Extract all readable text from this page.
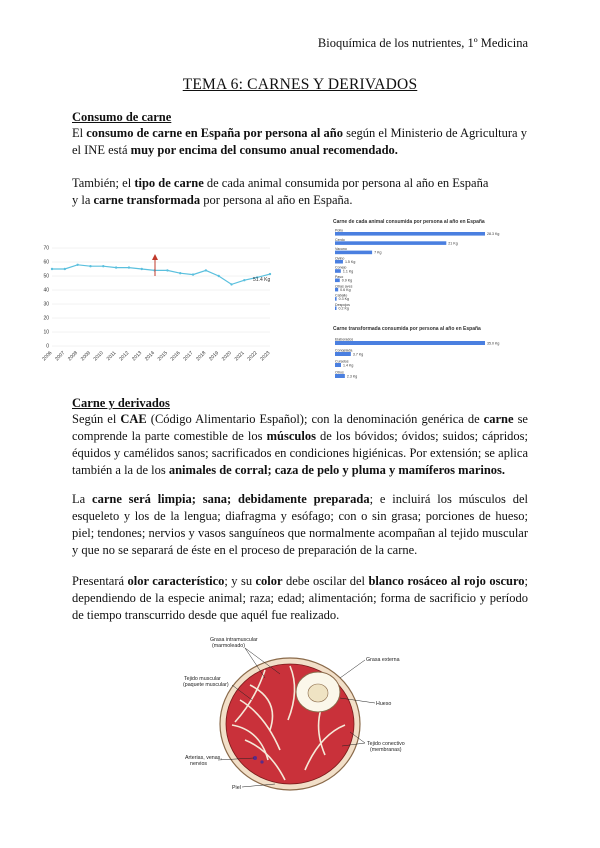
Bioquímica de los nutrientes, 1º Medicina
TEMA 6: CARNES Y DERIVADOS
Consumo de carne
El consumo de carne en España por persona al año según el Ministerio de Agricultura y el INE está muy por encima del consumo anual recomendado.
También; el tipo de carne de cada animal consumida por persona al año en España
y la carne transformada por persona al año en España.
0
10
20
30
40
50
60
70
2006 2007 2008 2009 2010 2011 2012 2013 2014 2015 2016 2017 2018 2019 2020 2021 2022 2023
51.4 Kg
Carne de cada animal consumida por persona al año en España
Pollo
28.3 Kg
Cerdo
21 Kg
Vacuno
7 Kg
Ovino
1.5 Kg
Conejo
1.1 Kg
Pavo
0.9 Kg
Otras aves
0.6 Kg
Caballo
0.3 Kg
Despojos
0.2 Kg
Carne transformada consumida por persona al año en España
Elaborados
35.0 Kg
Congelada
3.7 Kg
Curados
1.4 Kg
Otros
2.3 Kg
Carne y derivados
Según el CAE (Código Alimentario Español); con la denominación genérica de carne se comprende la parte comestible de los músculos de los bóvidos; óvidos; suidos; cápridos; équidos y camélidos sanos; sacrificados en condiciones higiénicas. Por extensión; se aplica también a la de los animales de corral; caza de pelo y pluma y mamíferos marinos.
La carne será limpia; sana; debidamente preparada; e incluirá los músculos del esqueleto y los de la lengua; diafragma y esófago; con o sin grasa; porciones de hueso; piel; tendones; nervios y vasos sanguíneos que normalmente acompañan al tejido muscular y que no se separará de éste en el proceso de preparación de la carne.
Presentará olor característico; y su color debe oscilar del blanco rosáceo al rojo oscuro; dependiendo de la especie animal; raza; edad; alimentación; forma de sacrificio y período de tiempo transcurrido desde que aquél fue realizado.
Grasa intramuscular
(marmoleado)
Tejido muscular
(paquete muscular)
Grasa externa
Hueso
Tejido conectivo
(membranas)
Arterias, venas,
nervios
Piel
